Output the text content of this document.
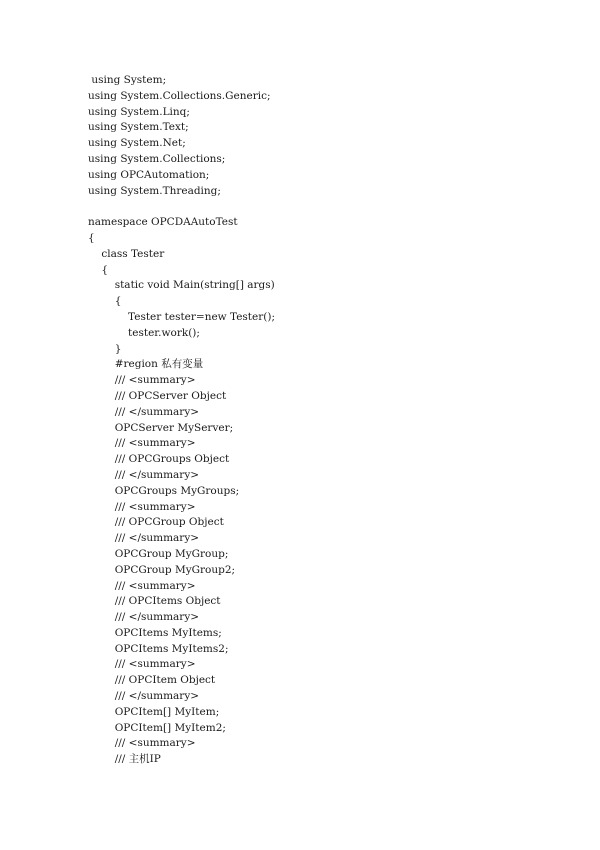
using System;
using System.Collections.Generic;
using System.Linq;
using System.Text;
using System.Net;
using System.Collections;
using OPCAutomation;
using System.Threading;
namespace OPCDAAutoTest
{
class Tester
{
static void Main(string[] args)
{
Tester tester=new Tester();
tester.work();
}
#region 私有变量
/// <summary>
/// OPCServer Object
/// </summary>
OPCServer MyServer;
/// <summary>
/// OPCGroups Object
/// </summary>
OPCGroups MyGroups;
/// <summary>
/// OPCGroup Object
/// </summary>
OPCGroup MyGroup;
OPCGroup MyGroup2;
/// <summary>
/// OPCItems Object
/// </summary>
OPCItems MyItems;
OPCItems MyItems2;
/// <summary>
/// OPCItem Object
/// </summary>
OPCItem[] MyItem;
OPCItem[] MyItem2;
/// <summary>
/// 主机IP
